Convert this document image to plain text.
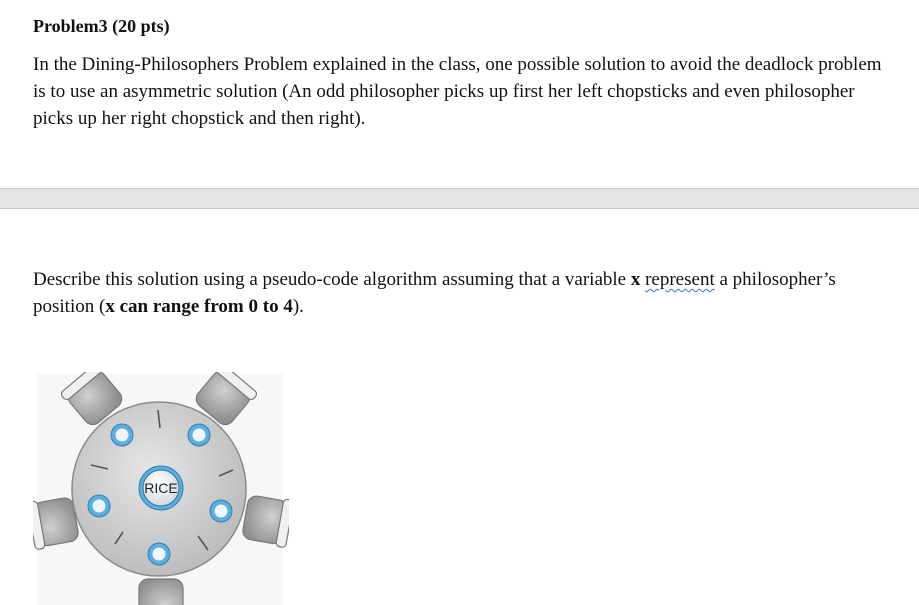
Problem3 (20 pts)
In the Dining-Philosophers Problem explained in the class, one possible solution to avoid the deadlock problem
is to use an asymmetric solution (An odd philosopher picks up first her left chopsticks and even philosopher
picks up her right chopstick and then right).
Describe this solution using a pseudo-code algorithm assuming that a variable x represent a philosopher’s
position (x can range from 0 to 4).
RICE
